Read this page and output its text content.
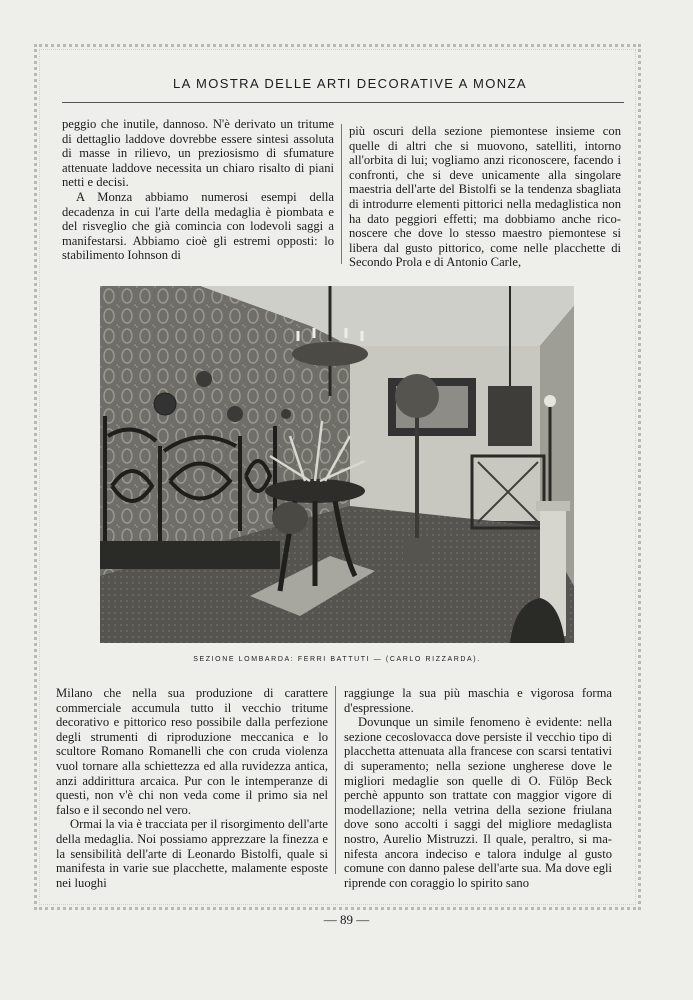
LA MOSTRA DELLE ARTI DECORATIVE A MONZA

peggio che inutile, dannoso. N'è derivato un tritume di dettaglio laddove dovrebbe essere sintesi assoluta di masse in rilievo, un preziosismo di sfumature attenuate laddove necessita un chiaro risalto di piani netti e decisi.

A Monza abbiamo numerosi esempi della decadenza in cui l'arte della medaglia è piombata e del risveglio che già comincia con lodevoli saggi a manifestarsi. Abbiamo cioè gli estremi opposti: lo stabilimento Iohnson di

più oscuri della sezione piemontese insieme con quelle di altri che si muovono, satelliti, intorno all'orbita di lui; vogliamo anzi riconoscere, facendo i confronti, che si deve unicamente alla singolare maestria dell'arte del Bistolfi se la tendenza sbagliata di introdurre elementi pittorici nella medaglistica non ha dato peggiori effetti; ma dobbiamo anche riconoscere che dove lo stesso maestro piemontese si libera dal gusto pittorico, come nelle placchette di Secondo Prola e di Antonio Carle,

SEZIONE LOMBARDA: FERRI BATTUTI — (CARLO RIZZARDA).

Milano che nella sua produzione di carattere commerciale accumula tutto il vecchio tritume decorativo e pittorico reso possibile dalla perfezione degli strumenti di riproduzione meccanica e lo scultore Romano Romanelli che con cruda violenza vuol tornare alla schiettezza ed alla ruvidezza antica, anzi addirittura arcaica. Pur con le intemperanze di questi, non v'è chi non veda come il primo sia nel falso e il secondo nel vero.

Ormai la via è tracciata per il risorgimento dell'arte della medaglia. Noi possiamo apprezzare la finezza e la sensibilità dell'arte di Leonardo Bistolfi, quale si manifesta in varie sue placchette, malamente esposte nei luoghi

raggiunge la sua più maschia e vigorosa forma d'espressione.

Dovunque un simile fenomeno è evidente: nella sezione cecoslovacca dove persiste il vecchio tipo di placchetta attenuata alla francese con scarsi tentativi di superamento; nella sezione ungherese dove le migliori medaglie son quelle di O. Fülöp Beck perchè appunto son trattate con maggior vigore di modellazione; nella vetrina della sezione friulana dove sono accolti i saggi del migliore medaglista nostro, Aurelio Mistruzzi. Il quale, peraltro, si manifesta ancora indeciso e talora indulge al gusto comune con danno palese dell'arte sua. Ma dove egli riprende con coraggio lo spirito sano

— 89 —
